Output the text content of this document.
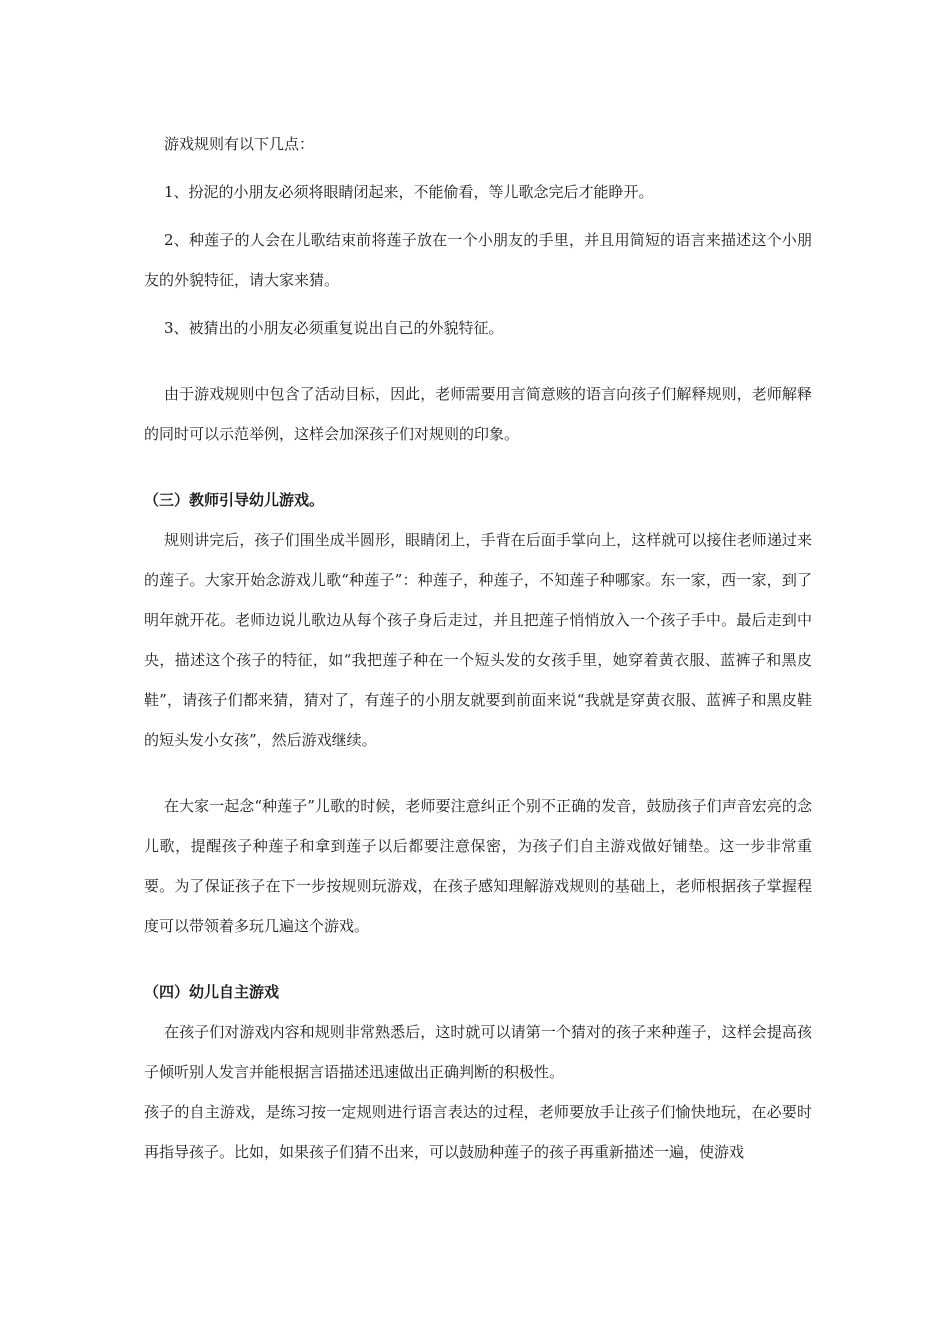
游戏规则有以下几点：

1、扮泥的小朋友必须将眼睛闭起来，不能偷看，等儿歌念完后才能睁开。

2、种莲子的人会在儿歌结束前将莲子放在一个小朋友的手里，并且用简短的语言来描述这个小朋友的外貌特征，请大家来猜。

3、被猜出的小朋友必须重复说出自己的外貌特征。

由于游戏规则中包含了活动目标，因此，老师需要用言简意赅的语言向孩子们解释规则，老师解释的同时可以示范举例，这样会加深孩子们对规则的印象。

（三）教师引导幼儿游戏。

规则讲完后，孩子们围坐成半圆形，眼睛闭上，手背在后面手掌向上，这样就可以接住老师递过来的莲子。大家开始念游戏儿歌“种莲子”：种莲子，种莲子，不知莲子种哪家。东一家，西一家，到了明年就开花。老师边说儿歌边从每个孩子身后走过，并且把莲子悄悄放入一个孩子手中。最后走到中央，描述这个孩子的特征，如“我把莲子种在一个短头发的女孩手里，她穿着黄衣服、蓝裤子和黑皮鞋”，请孩子们都来猜，猜对了，有莲子的小朋友就要到前面来说“我就是穿黄衣服、蓝裤子和黑皮鞋的短头发小女孩”，然后游戏继续。

在大家一起念“种莲子”儿歌的时候，老师要注意纠正个别不正确的发音，鼓励孩子们声音宏亮的念儿歌，提醒孩子种莲子和拿到莲子以后都要注意保密，为孩子们自主游戏做好铺垫。这一步非常重要。为了保证孩子在下一步按规则玩游戏，在孩子感知理解游戏规则的基础上，老师根据孩子掌握程度可以带领着多玩几遍这个游戏。

（四）幼儿自主游戏

在孩子们对游戏内容和规则非常熟悉后，这时就可以请第一个猜对的孩子来种莲子，这样会提高孩子倾听别人发言并能根据言语描述迅速做出正确判断的积极性。

孩子的自主游戏，是练习按一定规则进行语言表达的过程，老师要放手让孩子们愉快地玩，在必要时再指导孩子。比如，如果孩子们猜不出来，可以鼓励种莲子的孩子再重新描述一遍，使游戏
